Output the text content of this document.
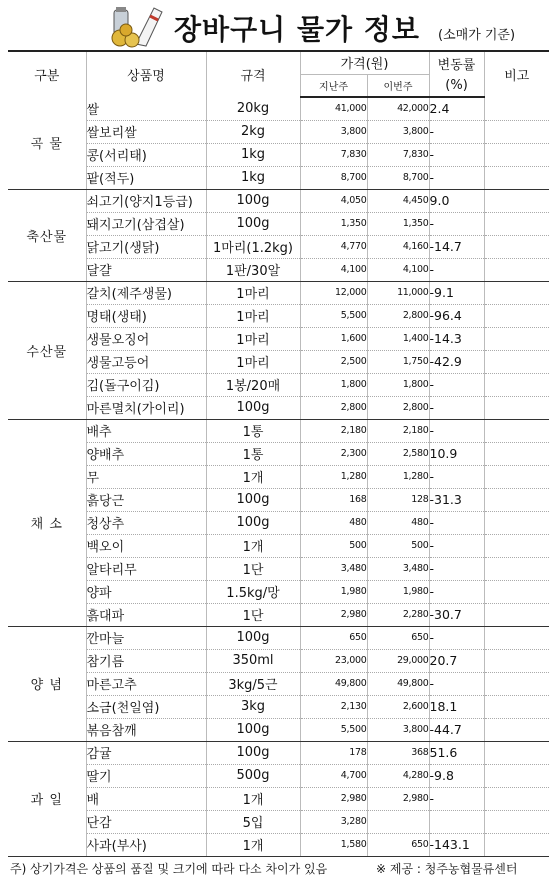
장바구니 물가 정보 (소매가 기준)
구분	상품명	규격	가격(원)		변동률	비고
			지난주	이번주	(%)	
곡 물	쌀	20kg	41,000	42,000	2.4	
	쌀보리쌀	2kg	3,800	3,800	-	
	콩(서리태)	1kg	7,830	7,830	-	
	팥(적두)	1kg	8,700	8,700	-	
축산물	쇠고기(양지1등급)	100g	4,050	4,450	9.0	
	돼지고기(삼겹살)	100g	1,350	1,350	-	
	닭고기(생닭)	1마리(1.2kg)	4,770	4,160	-14.7	
	달걀	1판/30알	4,100	4,100	-	
수산물	갈치(제주생물)	1마리	12,000	11,000	-9.1	
	명태(생태)	1마리	5,500	2,800	-96.4	
	생물오징어	1마리	1,600	1,400	-14.3	
	생물고등어	1마리	2,500	1,750	-42.9	
	김(돌구이김)	1봉/20매	1,800	1,800	-	
	마른멸치(가이리)	100g	2,800	2,800	-	
채 소	배추	1통	2,180	2,180	-	
	양배추	1통	2,300	2,580	10.9	
	무	1개	1,280	1,280	-	
	흙당근	100g	168	128	-31.3	
	청상추	100g	480	480	-	
	백오이	1개	500	500	-	
	알타리무	1단	3,480	3,480	-	
	양파	1.5kg/망	1,980	1,980	-	
	흙대파	1단	2,980	2,280	-30.7	
양 념	깐마늘	100g	650	650	-	
	참기름	350ml	23,000	29,000	20.7	
	마른고추	3kg/5근	49,800	49,800	-	
	소금(천일염)	3kg	2,130	2,600	18.1	
	볶음참깨	100g	5,500	3,800	-44.7	
과 일	감귤	100g	178	368	51.6	
	딸기	500g	4,700	4,280	-9.8	
	배	1개	2,980	2,980	-	
	단감	5입	3,280			
	사과(부사)	1개	1,580	650	-143.1	
주) 상기가격은 상품의 품질 및 크기에 따라 다소 차이가 있음	※ 제공 : 청주농협물류센터
